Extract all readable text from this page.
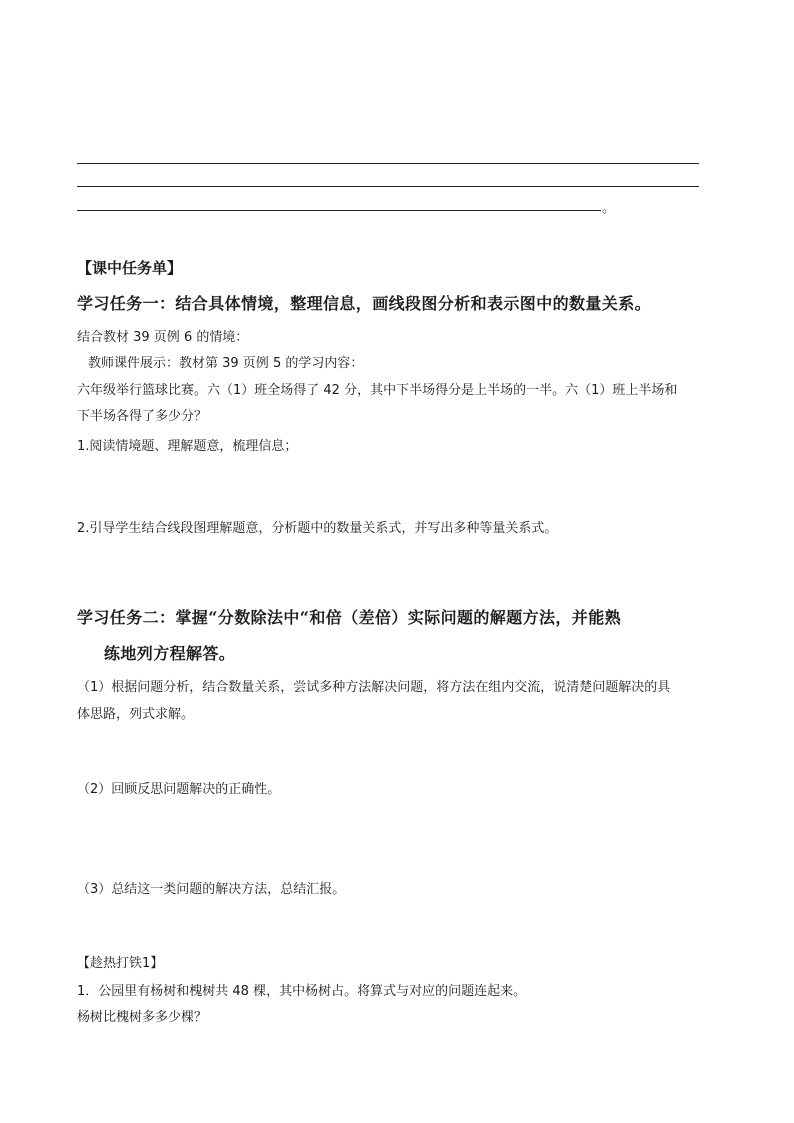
。
【课中任务单】
学习任务一：结合具体情境，整理信息，画线段图分析和表示图中的数量关系。
结合教材 39 页例 6 的情境：
教师课件展示：教材第 39 页例 5 的学习内容：
六年级举行篮球比赛。六（1）班全场得了 42 分，其中下半场得分是上半场的一半。六（1）班上半场和
下半场各得了多少分？
1.阅读情境题、理解题意，梳理信息；
2.引导学生结合线段图理解题意，分析题中的数量关系式，并写出多种等量关系式。
学习任务二：掌握“分数除法中“和倍（差倍）实际问题的解题方法，并能熟
练地列方程解答。
（1）根据问题分析，结合数量关系，尝试多种方法解决问题，将方法在组内交流，说清楚问题解决的具
体思路，列式求解。
（2）回顾反思问题解决的正确性。
（3）总结这一类问题的解决方法，总结汇报。
【趁热打铁1】
1．公园里有杨树和槐树共 48 棵，其中杨树占。将算式与对应的问题连起来。
杨树比槐树多多少棵？
